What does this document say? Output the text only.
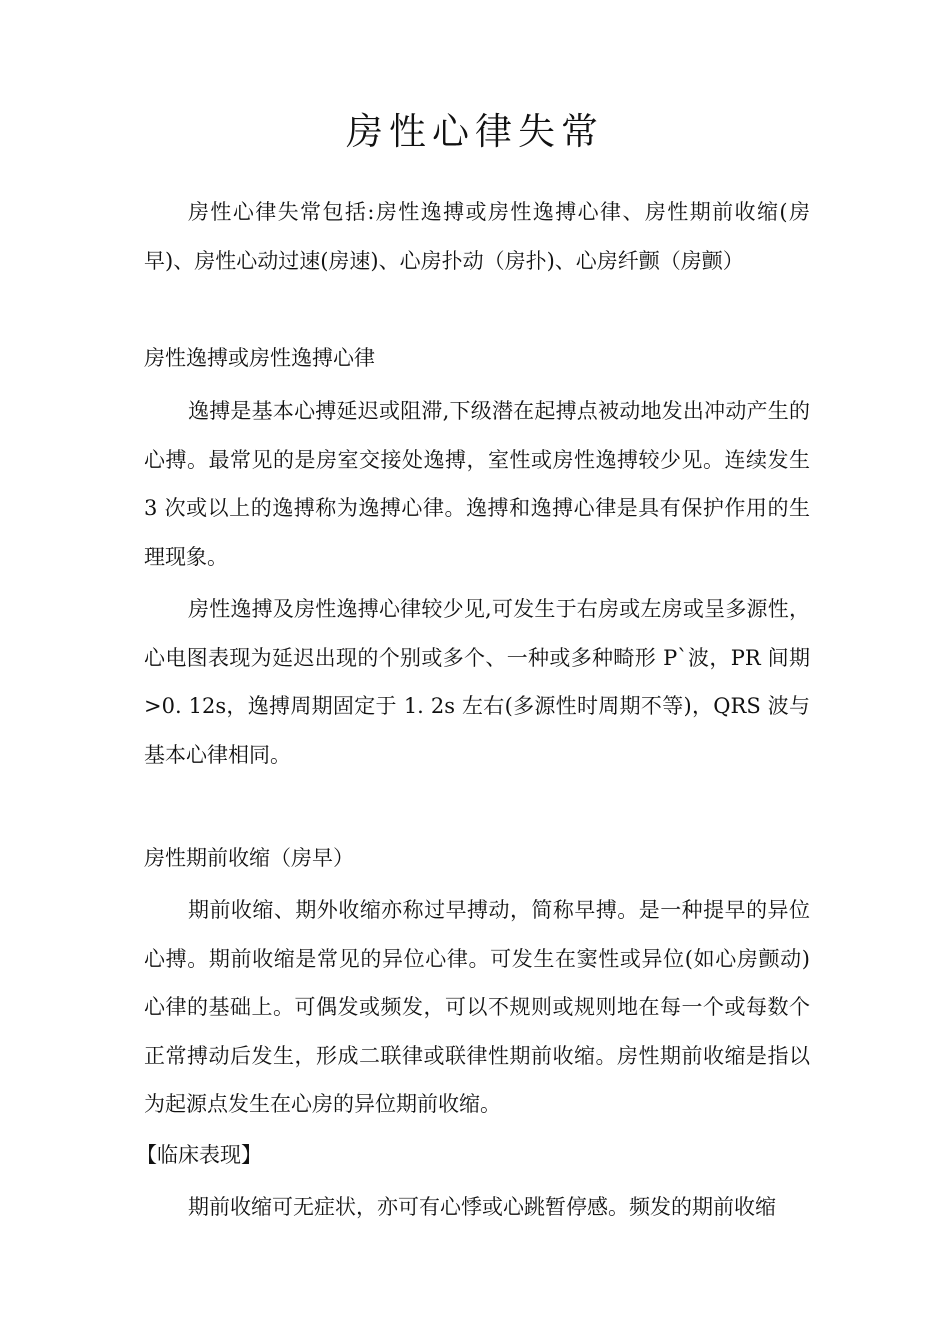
房性心律失常

房性心律失常包括:房性逸搏或房性逸搏心律、房性期前收缩(房早)、房性心动过速(房速)、心房扑动（房扑)、心房纤颤（房颤）

房性逸搏或房性逸搏心律

逸搏是基本心搏延迟或阻滞,下级潜在起搏点被动地发出冲动产生的心搏。最常见的是房室交接处逸搏，室性或房性逸搏较少见。连续发生 3 次或以上的逸搏称为逸搏心律。逸搏和逸搏心律是具有保护作用的生理现象。

房性逸搏及房性逸搏心律较少见,可发生于右房或左房或呈多源性，心电图表现为延迟出现的个别或多个、一种或多种畸形 P`波，PR 间期>0. 12s，逸搏周期固定于 1. 2s 左右(多源性时周期不等)，QRS 波与基本心律相同。

房性期前收缩（房早）

期前收缩、期外收缩亦称过早搏动，简称早搏。是一种提早的异位心搏。期前收缩是常见的异位心律。可发生在窦性或异位(如心房颤动)心律的基础上。可偶发或频发，可以不规则或规则地在每一个或每数个正常搏动后发生，形成二联律或联律性期前收缩。房性期前收缩是指以为起源点发生在心房的异位期前收缩。

【临床表现】

期前收缩可无症状，亦可有心悸或心跳暂停感。频发的期前收缩
